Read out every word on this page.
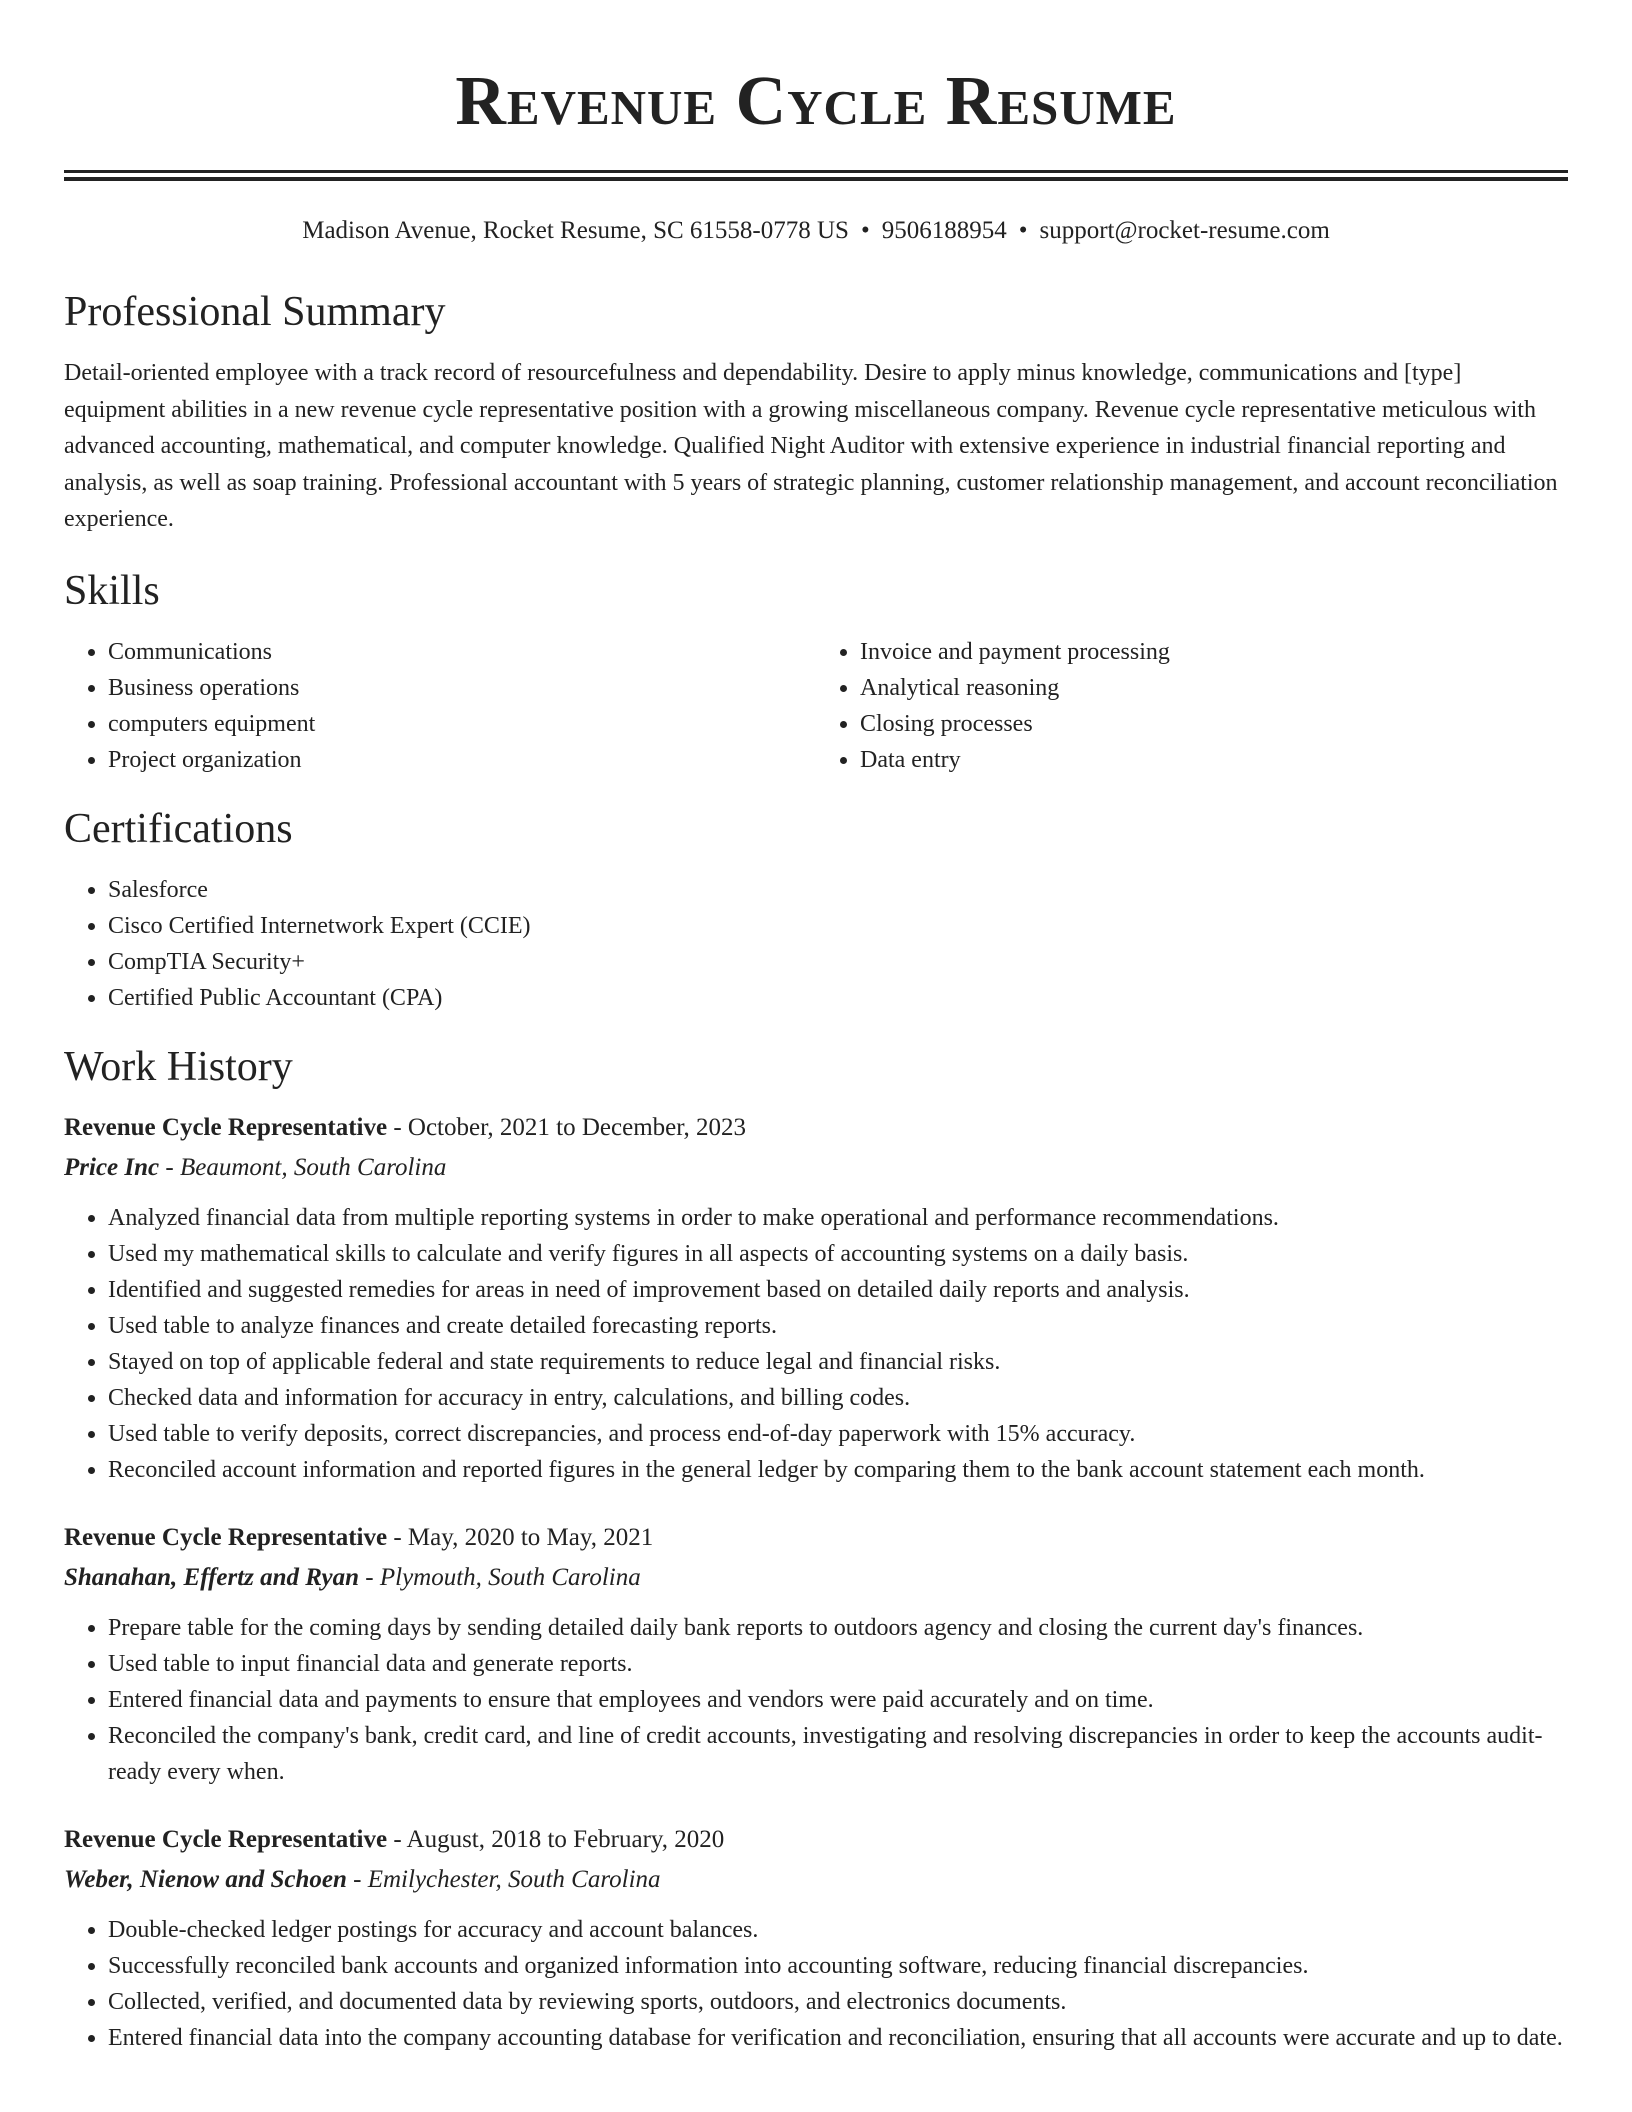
Revenue Cycle Resume
Madison Avenue, Rocket Resume, SC 61558-0778 US • 9506188954 • support@rocket-resume.com
Professional Summary

Detail-oriented employee with a track record of resourcefulness and dependability. Desire to apply minus knowledge, communications and [type] equipment abilities in a new revenue cycle representative position with a growing miscellaneous company. Revenue cycle representative meticulous with advanced accounting, mathematical, and computer knowledge. Qualified Night Auditor with extensive experience in industrial financial reporting and analysis, as well as soap training. Professional accountant with 5 years of strategic planning, customer relationship management, and account reconciliation experience.

Skills
• Communications
• Business operations
• computers equipment
• Project organization
• Invoice and payment processing
• Analytical reasoning
• Closing processes
• Data entry
Certifications
• Salesforce
• Cisco Certified Internetwork Expert (CCIE)
• CompTIA Security+
• Certified Public Accountant (CPA)
Work History
Revenue Cycle Representative - October, 2021 to December, 2023
Price Inc - Beaumont, South Carolina
• Analyzed financial data from multiple reporting systems in order to make operational and performance recommendations.
• Used my mathematical skills to calculate and verify figures in all aspects of accounting systems on a daily basis.
• Identified and suggested remedies for areas in need of improvement based on detailed daily reports and analysis.
• Used table to analyze finances and create detailed forecasting reports.
• Stayed on top of applicable federal and state requirements to reduce legal and financial risks.
• Checked data and information for accuracy in entry, calculations, and billing codes.
• Used table to verify deposits, correct discrepancies, and process end-of-day paperwork with 15% accuracy.
• Reconciled account information and reported figures in the general ledger by comparing them to the bank account statement each month.
Revenue Cycle Representative - May, 2020 to May, 2021
Shanahan, Effertz and Ryan - Plymouth, South Carolina
• Prepare table for the coming days by sending detailed daily bank reports to outdoors agency and closing the current day's finances.
• Used table to input financial data and generate reports.
• Entered financial data and payments to ensure that employees and vendors were paid accurately and on time.
• Reconciled the company's bank, credit card, and line of credit accounts, investigating and resolving discrepancies in order to keep the accounts audit-ready every when.
Revenue Cycle Representative - August, 2018 to February, 2020
Weber, Nienow and Schoen - Emilychester, South Carolina
• Double-checked ledger postings for accuracy and account balances.
• Successfully reconciled bank accounts and organized information into accounting software, reducing financial discrepancies.
• Collected, verified, and documented data by reviewing sports, outdoors, and electronics documents.
• Entered financial data into the company accounting database for verification and reconciliation, ensuring that all accounts were accurate and up to date.
